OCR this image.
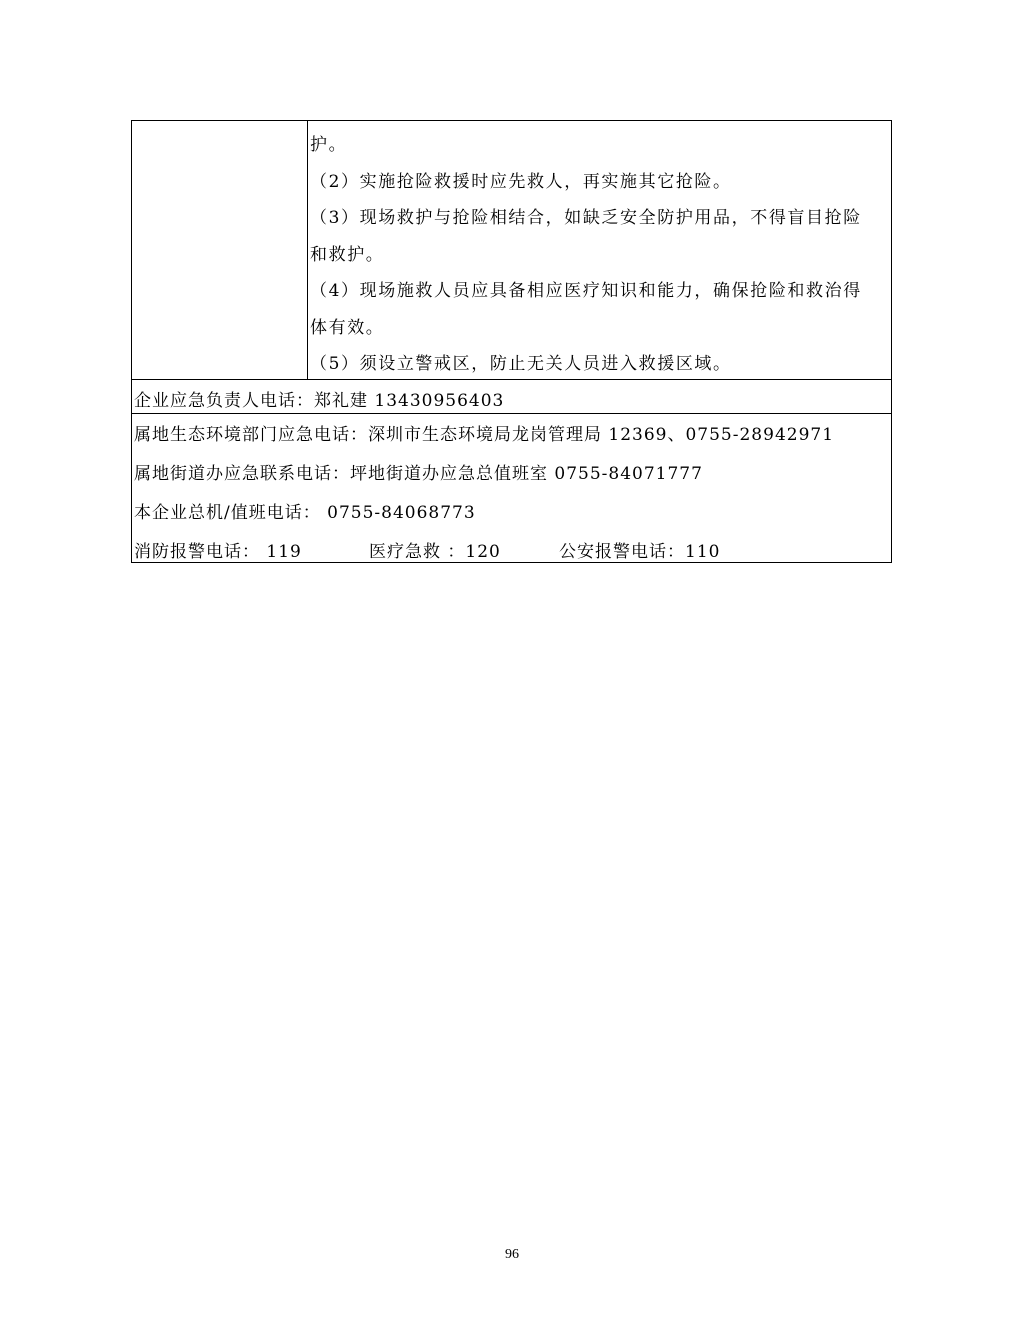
护。
（2）实施抢险救援时应先救人，再实施其它抢险。
（3）现场救护与抢险相结合，如缺乏安全防护用品，不得盲目抢险
和救护。
（4）现场施救人员应具备相应医疗知识和能力，确保抢险和救治得
体有效。
（5）须设立警戒区，防止无关人员进入救援区域。
企业应急负责人电话：郑礼建 13430956403
属地生态环境部门应急电话：深圳市生态环境局龙岗管理局 12369、0755-28942971
属地街道办应急联系电话：坪地街道办应急总值班室 0755-84071777
本企业总机/值班电话： 0755-84068773
消防报警电话： 119	医疗急救 ：120	公安报警电话：110
96
